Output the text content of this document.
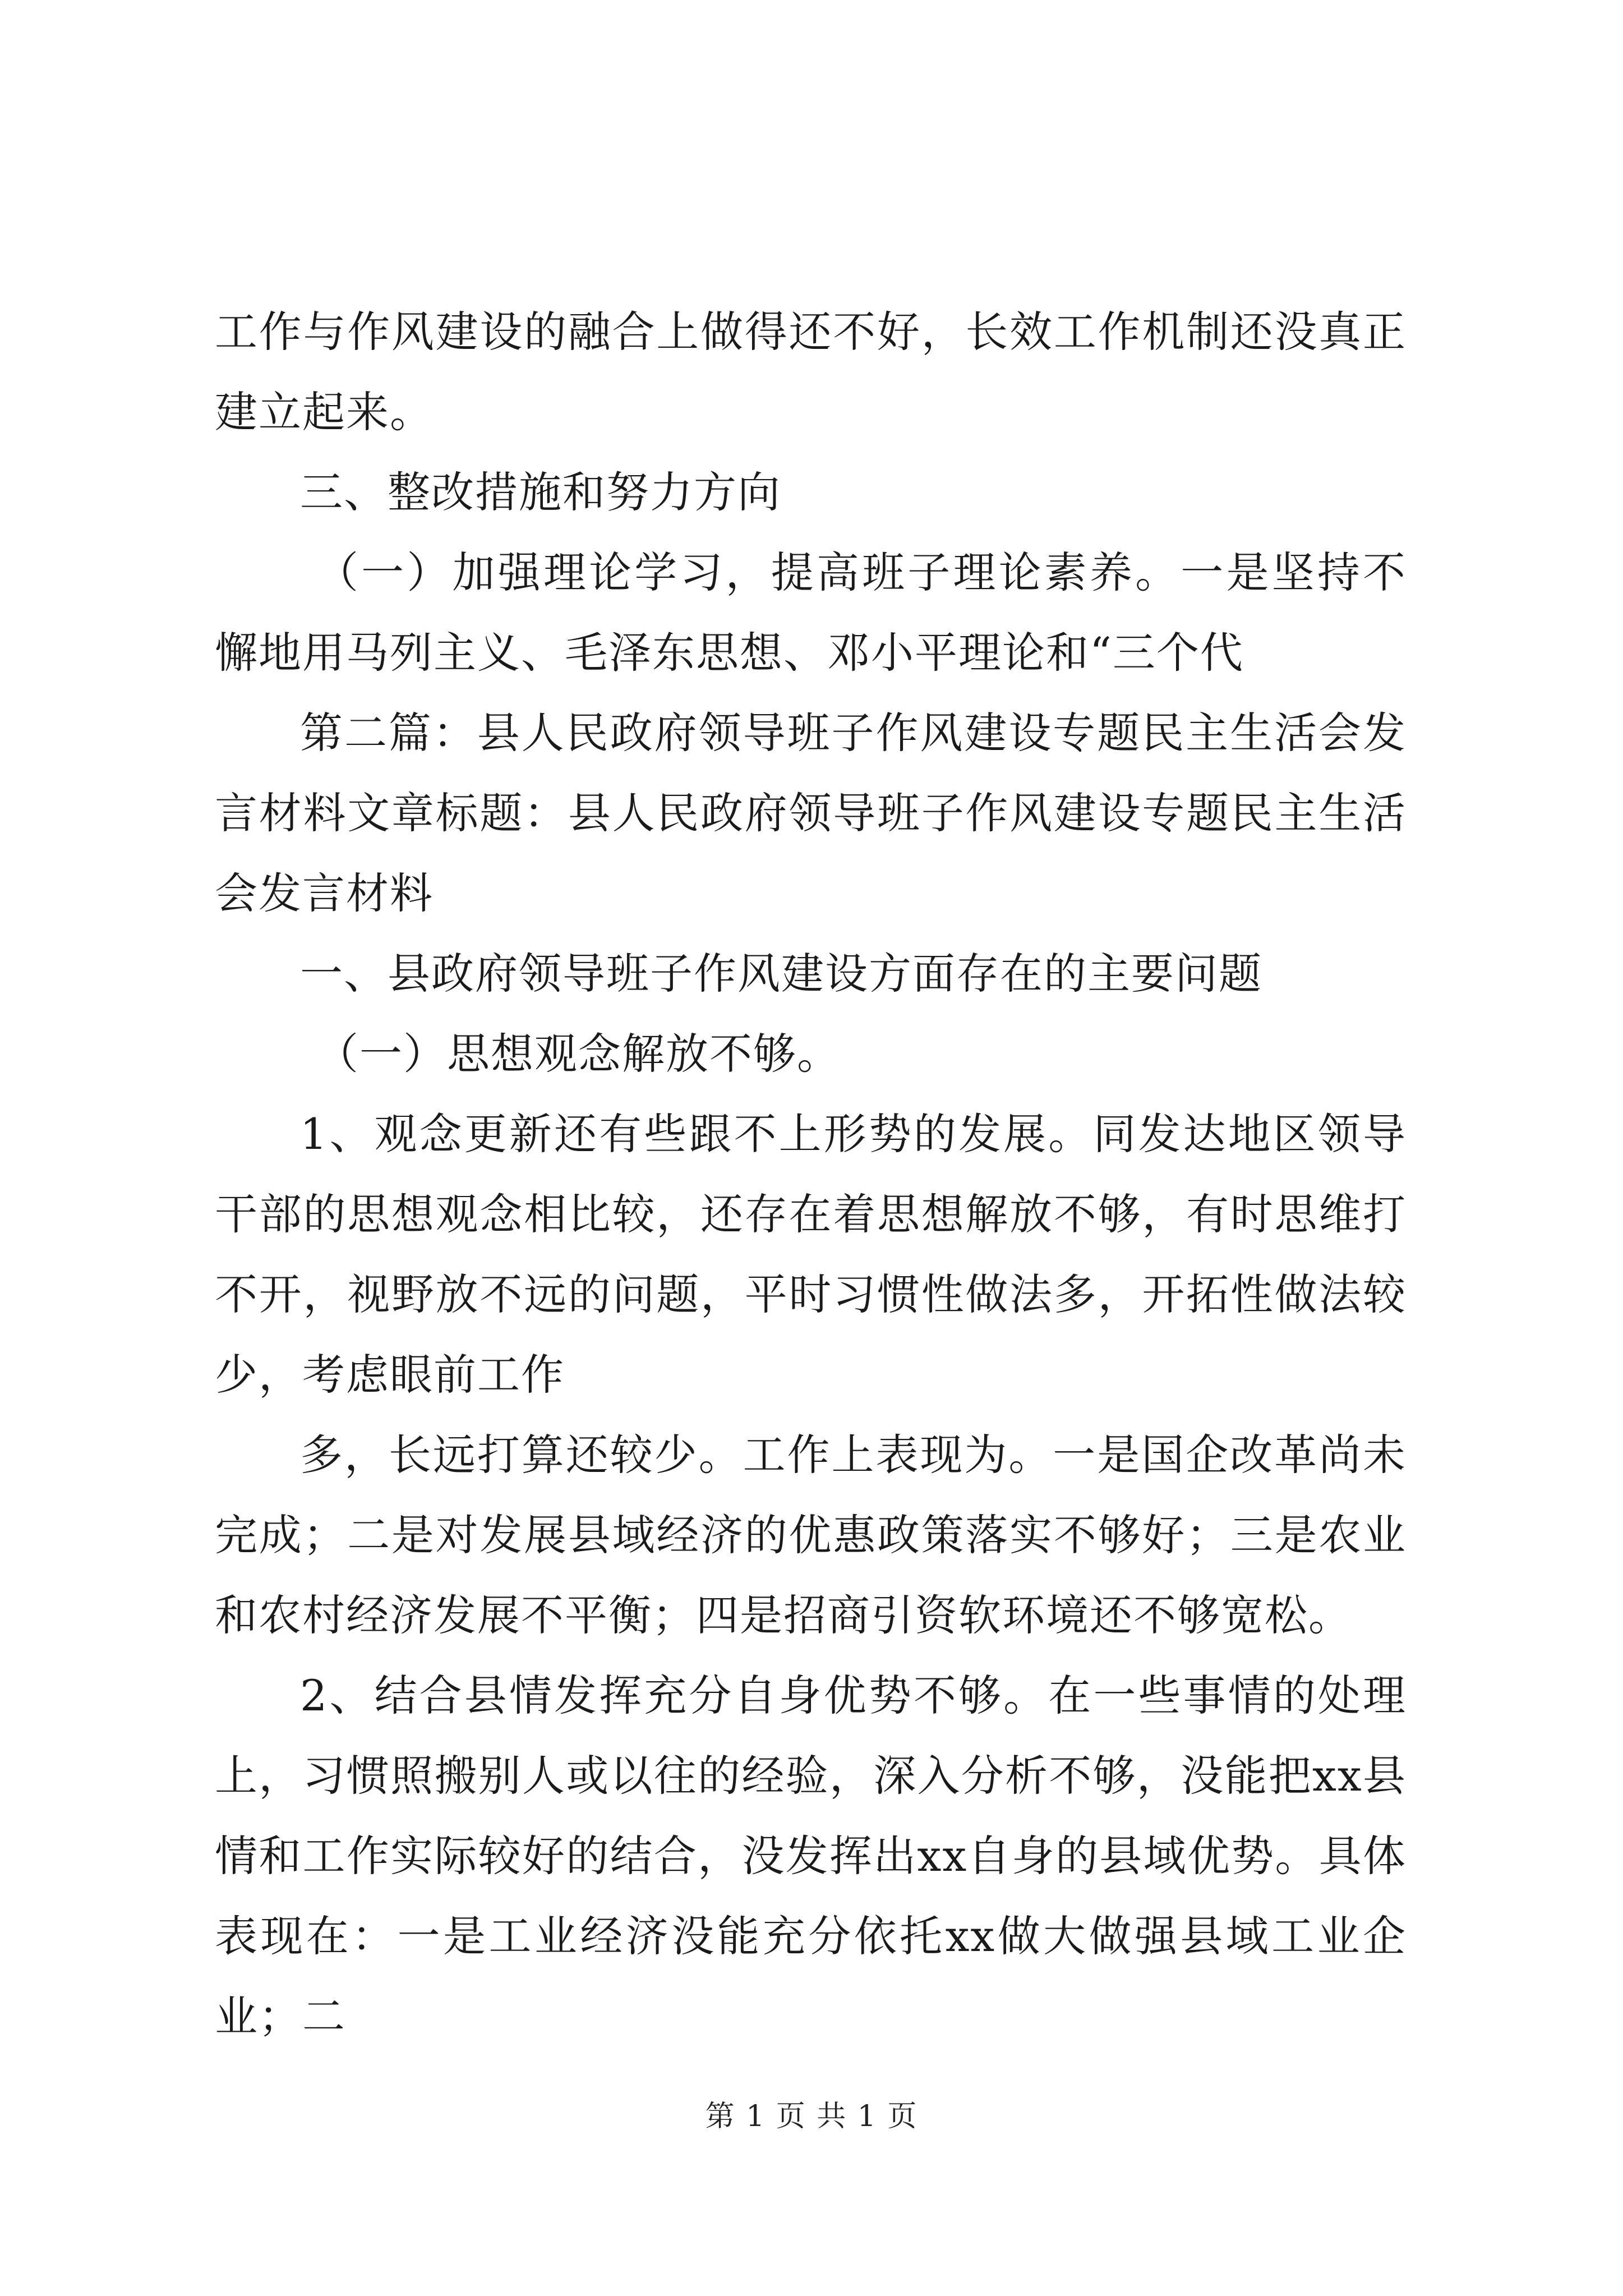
工作与作风建设的融合上做得还不好，长效工作机制还没真正建立起来。

三、整改措施和努力方向

（一）加强理论学习，提高班子理论素养。一是坚持不懈地用马列主义、毛泽东思想、邓小平理论和“三个代

第二篇：县人民政府领导班子作风建设专题民主生活会发言材料文章标题：县人民政府领导班子作风建设专题民主生活会发言材料

一、县政府领导班子作风建设方面存在的主要问题

（一）思想观念解放不够。

1、观念更新还有些跟不上形势的发展。同发达地区领导干部的思想观念相比较，还存在着思想解放不够，有时思维打不开，视野放不远的问题，平时习惯性做法多，开拓性做法较少，考虑眼前工作

多，长远打算还较少。工作上表现为。一是国企改革尚未完成；二是对发展县域经济的优惠政策落实不够好；三是农业和农村经济发展不平衡；四是招商引资软环境还不够宽松。

2、结合县情发挥充分自身优势不够。在一些事情的处理上，习惯照搬别人或以往的经验，深入分析不够，没能把xx县情和工作实际较好的结合，没发挥出xx自身的县域优势。具体表现在：一是工业经济没能充分依托xx做大做强县域工业企业；二

第 1 页 共 1 页
